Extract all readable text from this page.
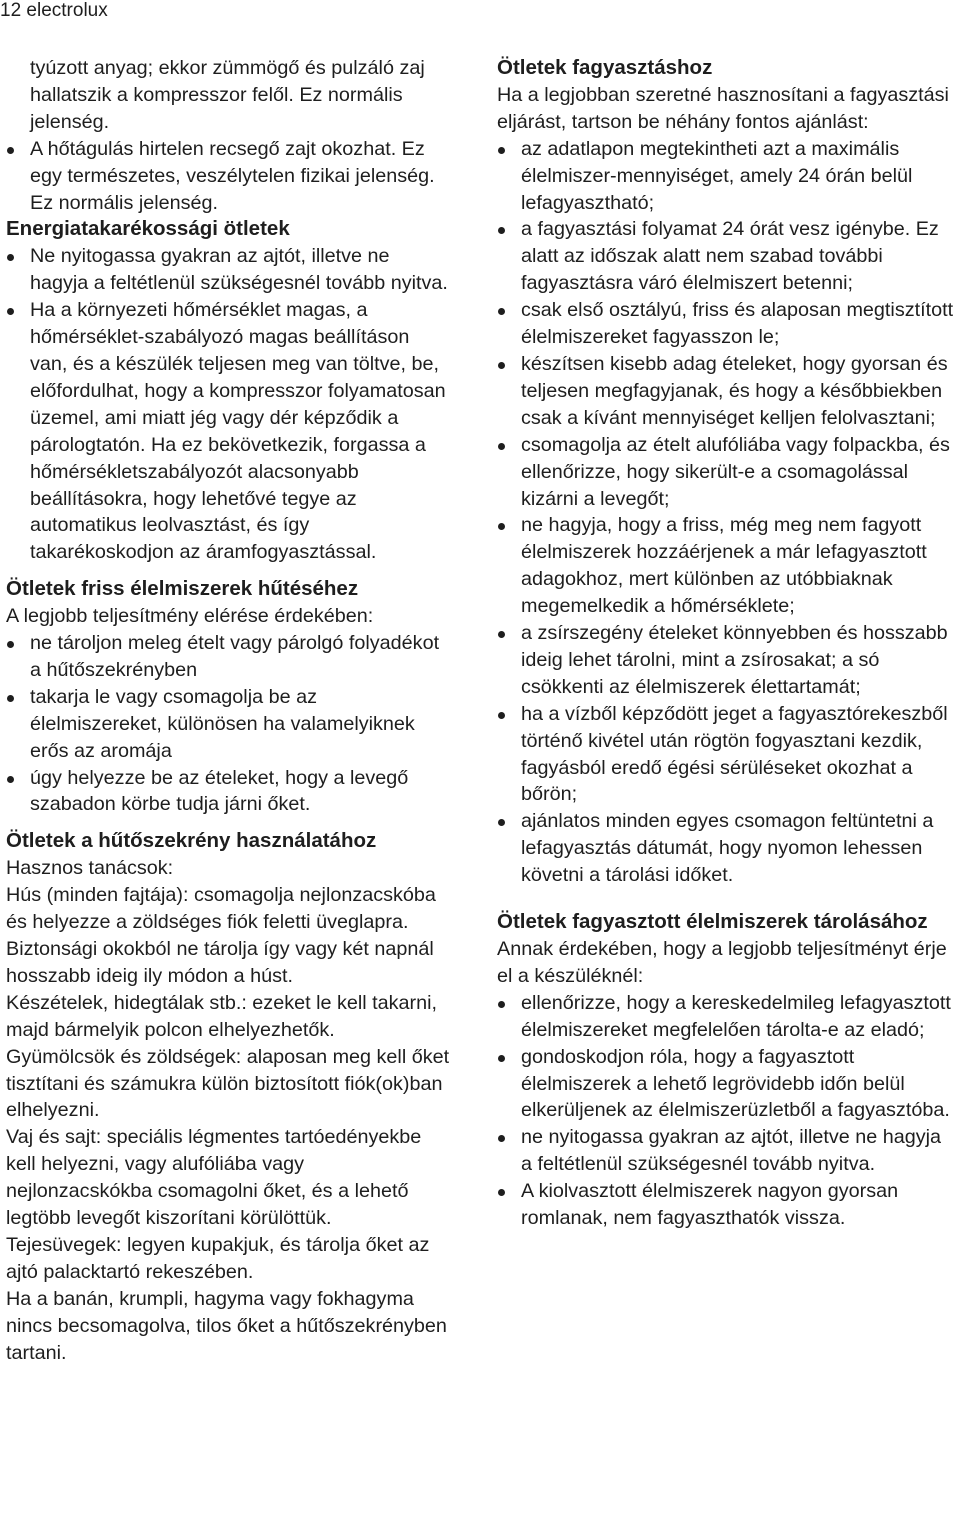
12 electrolux

tyúzott anyag; ekkor zümmögő és pulzáló zaj hallatszik a kompresszor felől. Ez normális jelenség.

A hőtágulás hirtelen recsegő zajt okozhat. Ez egy természetes, veszélytelen fizikai jelenség. Ez normális jelenség.
Energiatakarékossági ötletek
Ne nyitogassa gyakran az ajtót, illetve ne hagyja a feltétlenül szükségesnél tovább nyitva.
Ha a környezeti hőmérséklet magas, a hőmérséklet-szabályozó magas beállításon van, és a készülék teljesen meg van töltve, be, előfordulhat, hogy a kompresszor folyamatosan üzemel, ami miatt jég vagy dér képződik a párologtatón. Ha ez bekövetkezik, forgassa a hőmérsékletszabályozót alacsonyabb beállításokra, hogy lehetővé tegye az automatikus leolvasztást, és így takarékoskodjon az áramfogyasztással.
Ötletek friss élelmiszerek hűtéséhez

A legjobb teljesítmény elérése érdekében:

ne tároljon meleg ételt vagy párolgó folyadékot a hűtőszekrényben
takarja le vagy csomagolja be az élelmiszereket, különösen ha valamelyiknek erős az aromája
úgy helyezze be az ételeket, hogy a levegő szabadon körbe tudja járni őket.
Ötletek a hűtőszekrény használatához

Hasznos tanácsok:

Hús (minden fajtája): csomagolja nejlonzacskóba és helyezze a zöldséges fiók feletti üveglapra.

Biztonsági okokból ne tárolja így vagy két napnál hosszabb ideig ily módon a húst.

Készételek, hidegtálak stb.: ezeket le kell takarni, majd bármelyik polcon elhelyezhetők.

Gyümölcsök és zöldségek: alaposan meg kell őket tisztítani és számukra külön biztosított fiók(ok)ban elhelyezni.

Vaj és sajt: speciális légmentes tartóedényekbe kell helyezni, vagy alufóliába vagy nejlonzacskókba csomagolni őket, és a lehető legtöbb levegőt kiszorítani körülöttük.

Tejesüvegek: legyen kupakjuk, és tárolja őket az ajtó palacktartó rekeszében.

Ha a banán, krumpli, hagyma vagy fokhagyma nincs becsomagolva, tilos őket a hűtőszekrényben tartani.

Ötletek fagyasztáshoz

Ha a legjobban szeretné hasznosítani a fagyasztási eljárást, tartson be néhány fontos ajánlást:

az adatlapon megtekintheti azt a maximális élelmiszer-mennyiséget, amely 24 órán belül lefagyasztható;
a fagyasztási folyamat 24 órát vesz igénybe. Ez alatt az időszak alatt nem szabad további fagyasztásra váró élelmiszert betenni;
csak első osztályú, friss és alaposan megtisztított élelmiszereket fagyasszon le;
készítsen kisebb adag ételeket, hogy gyorsan és teljesen megfagyjanak, és hogy a későbbiekben csak a kívánt mennyiséget kelljen felolvasztani;
csomagolja az ételt alufóliába vagy folpackba, és ellenőrizze, hogy sikerült-e a csomagolással kizárni a levegőt;
ne hagyja, hogy a friss, még meg nem fagyott élelmiszerek hozzáérjenek a már lefagyasztott adagokhoz, mert különben az utóbbiaknak megemelkedik a hőmérséklete;
a zsírszegény ételeket könnyebben és hosszabb ideig lehet tárolni, mint a zsírosakat; a só csökkenti az élelmiszerek élettartamát;
ha a vízből képződött jeget a fagyasztórekeszből történő kivétel után rögtön fogyasztani kezdik, fagyásból eredő égési sérüléseket okozhat a bőrön;
ajánlatos minden egyes csomagon feltüntetni a lefagyasztás dátumát, hogy nyomon lehessen követni a tárolási időket.
Ötletek fagyasztott élelmiszerek tárolásához

Annak érdekében, hogy a legjobb teljesítményt érje el a készüléknél:

ellenőrizze, hogy a kereskedelmileg lefagyasztott élelmiszereket megfelelően tárolta-e az eladó;
gondoskodjon róla, hogy a fagyasztott élelmiszerek a lehető legrövidebb időn belül elkerüljenek az élelmiszerüzletből a fagyasztóba.
ne nyitogassa gyakran az ajtót, illetve ne hagyja a feltétlenül szükségesnél tovább nyitva.
A kiolvasztott élelmiszerek nagyon gyorsan romlanak, nem fagyaszthatók vissza.
